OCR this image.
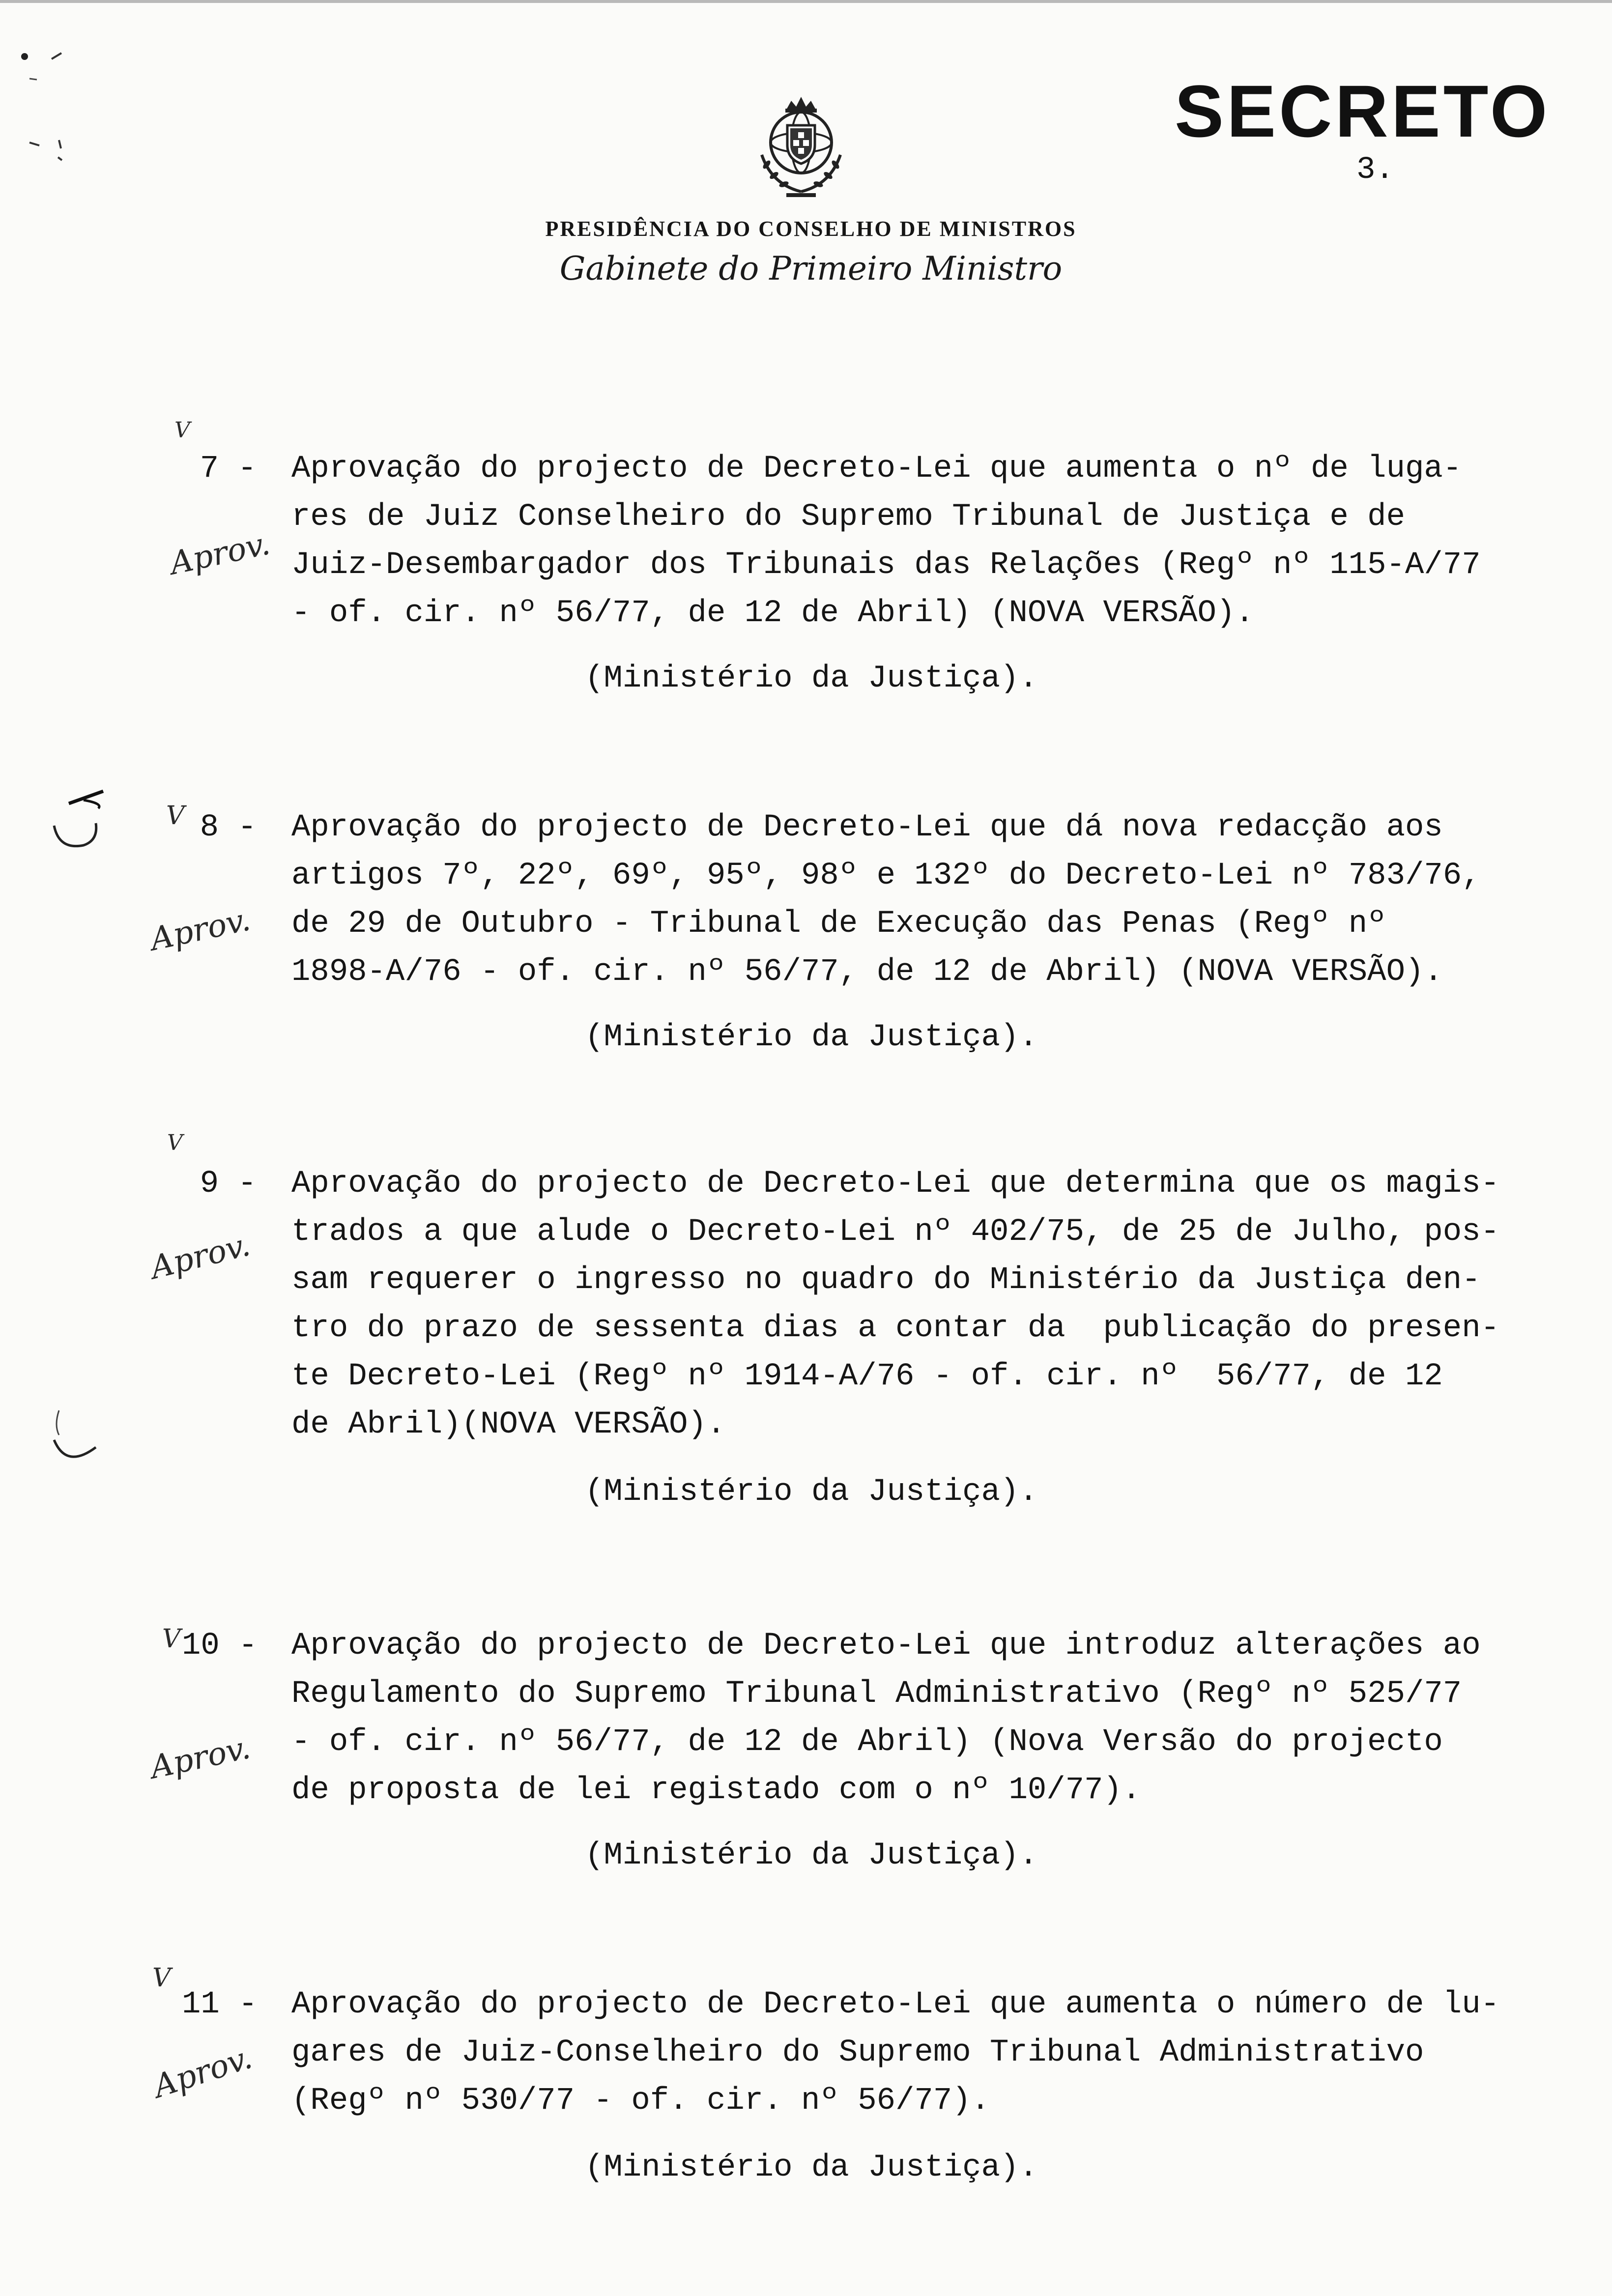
SECRETO
3.
PRESIDÊNCIA DO CONSELHO DE MINISTROS
Gabinete do Primeiro Ministro
7 - Aprovação do projecto de Decreto-Lei que aumenta o nº de luga-
res de Juiz Conselheiro do Supremo Tribunal de Justiça e de
Juiz-Desembargador dos Tribunais das Relações (Regº nº 115-A/77
- of. cir. nº 56/77, de 12 de Abril) (NOVA VERSÃO).
(Ministério da Justiça).
Aprov.
V
8 - Aprovação do projecto de Decreto-Lei que dá nova redacção aos
artigos 7º, 22º, 69º, 95º, 98º e 132º do Decreto-Lei nº 783/76,
de 29 de Outubro - Tribunal de Execução das Penas (Regº nº
1898-A/76 - of. cir. nº 56/77, de 12 de Abril) (NOVA VERSÃO).
(Ministério da Justiça).
Aprov.
V
9 - Aprovação do projecto de Decreto-Lei que determina que os magis-
trados a que alude o Decreto-Lei nº 402/75, de 25 de Julho, pos-
sam requerer o ingresso no quadro do Ministério da Justiça den-
tro do prazo de sessenta dias a contar da  publicação do presen-
te Decreto-Lei (Regº nº 1914-A/76 - of. cir. nº  56/77, de 12
de Abril)(NOVA VERSÃO).
(Ministério da Justiça).
Aprov.
V
10 - Aprovação do projecto de Decreto-Lei que introduz alterações ao
Regulamento do Supremo Tribunal Administrativo (Regº nº 525/77
- of. cir. nº 56/77, de 12 de Abril) (Nova Versão do projecto
de proposta de lei registado com o nº 10/77).
(Ministério da Justiça).
Aprov.
V
11 - Aprovação do projecto de Decreto-Lei que aumenta o número de lu-
gares de Juiz-Conselheiro do Supremo Tribunal Administrativo
(Regº nº 530/77 - of. cir. nº 56/77).
(Ministério da Justiça).
Aprov.
V
